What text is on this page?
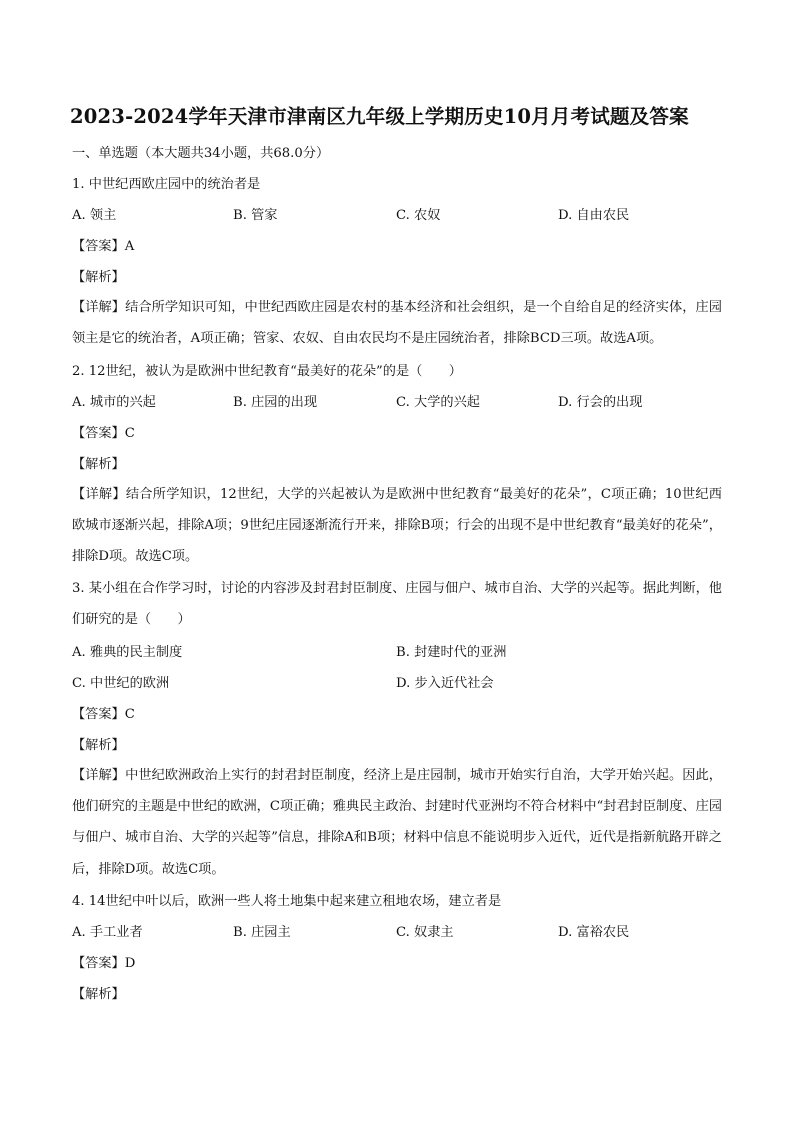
2023-2024学年天津市津南区九年级上学期历史10月月考试题及答案
一、单选题（本大题共34小题，共68.0分）
1. 中世纪西欧庄园中的统治者是
A. 领主	B. 管家	C. 农奴	D. 自由农民
【答案】A
【解析】
【详解】结合所学知识可知，中世纪西欧庄园是农村的基本经济和社会组织，是一个自给自足的经济实体，庄园领主是它的统治者，A项正确；管家、农奴、自由农民均不是庄园统治者，排除BCD三项。故选A项。
2. 12世纪，被认为是欧洲中世纪教育“最美好的花朵”的是（　　）
A. 城市的兴起	B. 庄园的出现	C. 大学的兴起	D. 行会的出现
【答案】C
【解析】
【详解】结合所学知识，12世纪，大学的兴起被认为是欧洲中世纪教育“最美好的花朵”，C项正确；10世纪西欧城市逐渐兴起，排除A项；9世纪庄园逐渐流行开来，排除B项；行会的出现不是中世纪教育“最美好的花朵”，排除D项。故选C项。
3. 某小组在合作学习时，讨论的内容涉及封君封臣制度、庄园与佃户、城市自治、大学的兴起等。据此判断，他们研究的是（　　）
A. 雅典的民主制度	B. 封建时代的亚洲
C. 中世纪的欧洲	D. 步入近代社会
【答案】C
【解析】
【详解】中世纪欧洲政治上实行的封君封臣制度，经济上是庄园制，城市开始实行自治，大学开始兴起。因此，他们研究的主题是中世纪的欧洲，C项正确；雅典民主政治、封建时代亚洲均不符合材料中“封君封臣制度、庄园与佃户、城市自治、大学的兴起等”信息，排除A和B项；材料中信息不能说明步入近代，近代是指新航路开辟之后，排除D项。故选C项。
4. 14世纪中叶以后，欧洲一些人将土地集中起来建立租地农场，建立者是
A. 手工业者	B. 庄园主	C. 奴隶主	D. 富裕农民
【答案】D
【解析】
